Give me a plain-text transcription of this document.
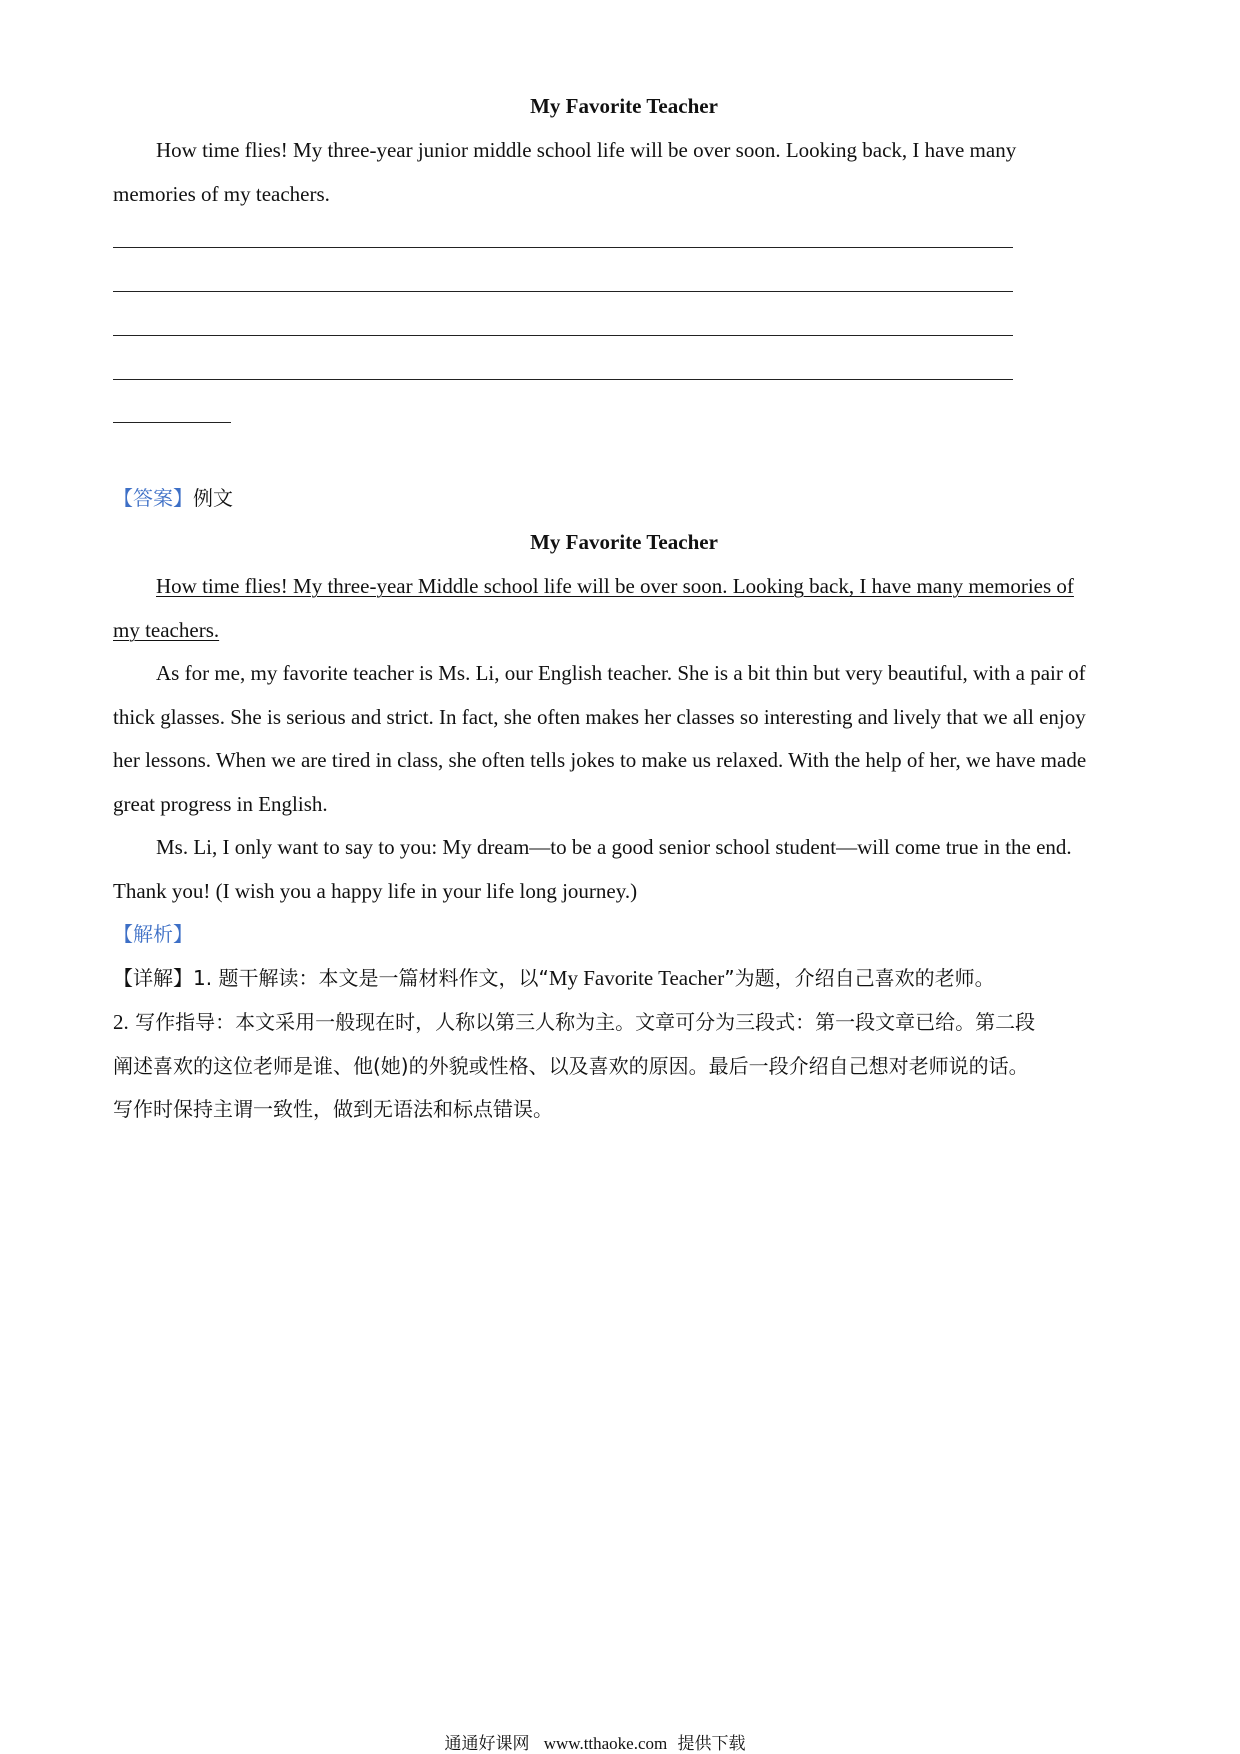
My Favorite Teacher
How time flies! My three-year junior middle school life will be over soon. Looking back, I have many
memories of my teachers.
【答案】例文
My Favorite Teacher
How time flies! My three-year Middle school life will be over soon. Looking back, I have many memories of
my teachers.
As for me, my favorite teacher is Ms. Li, our English teacher. She is a bit thin but very beautiful, with a pair of
thick glasses. She is serious and strict. In fact, she often makes her classes so interesting and lively that we all enjoy
her lessons. When we are tired in class, she often tells jokes to make us relaxed. With the help of her, we have made
great progress in English.
Ms. Li, I only want to say to you: My dream—to be a good senior school student—will come true in the end.
Thank you! (I wish you a happy life in your life long journey.)
【解析】
【详解】1. 题干解读：本文是一篇材料作文，以“My Favorite Teacher”为题，介绍自己喜欢的老师。
2. 写作指导：本文采用一般现在时，人称以第三人称为主。文章可分为三段式：第一段文章已给。第二段
阐述喜欢的这位老师是谁、他(她)的外貌或性格、以及喜欢的原因。最后一段介绍自己想对老师说的话。
写作时保持主谓一致性，做到无语法和标点错误。
通通好课网 www.tthaoke.com 提供下载
